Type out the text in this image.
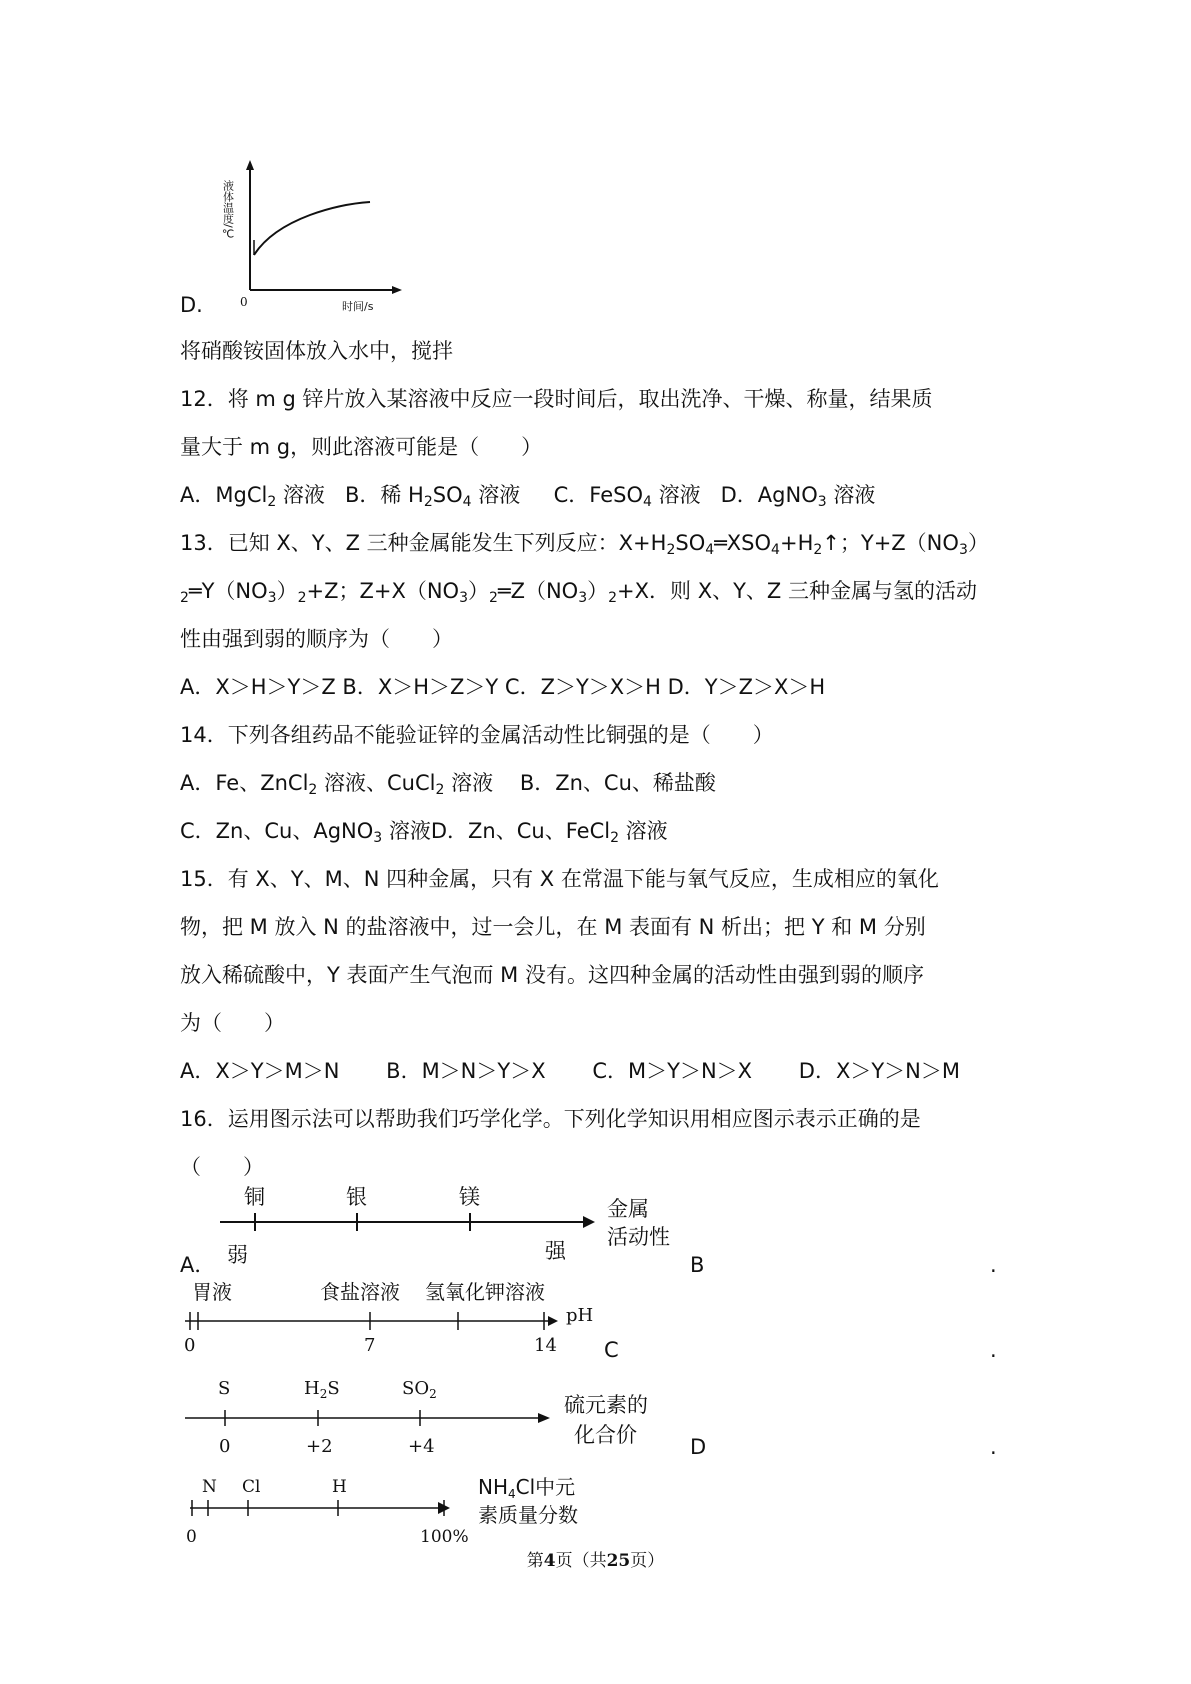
液体温度/℃
0	时间/s
D.
将硝酸铵固体放入水中，搅拌
12．将 m g 锌片放入某溶液中反应一段时间后，取出洗净、干燥、称量，结果质
量大于 m g，则此溶液可能是（　　）
A．MgCl$_2$ 溶液 B．稀 $H_2SO_4$ 溶液 C．FeSO$_4$ 溶液 D．AgNO$_3$ 溶液
13．已知 X、Y、Z 三种金属能发生下列反应：$X+H_2SO_4═XSO_4+H_2↑$；$Y+Z(NO_3)$
$_2═Y(NO_3)_2+Z$；$Z+X(NO_3)_2═Z(NO_3)_2+X$．则 X、Y、Z 三种金属与氢的活动
性由强到弱的顺序为（　　）
A．X＞H＞Y＞Z B．X＞H＞Z＞Y C．Z＞Y＞X＞H D．Y＞Z＞X＞H
14．下列各组药品不能验证锌的金属活动性比铜强的是（　　）
A．Fe、ZnCl$_2$ 溶液、CuCl$_2$ 溶液 B．Zn、Cu、稀盐酸
C．Zn、Cu、AgNO$_3$ 溶液D．Zn、Cu、FeCl$_2$ 溶液
15．有 X、Y、M、N 四种金属，只有 X 在常温下能与氧气反应，生成相应的氧化
物，把 M 放入 N 的盐溶液中，过一会儿，在 M 表面有 N 析出；把 Y 和 M 分别
放入稀硫酸中，Y 表面产生气泡而 M 没有。这四种金属的活动性由强到弱的顺序
为（　　）
A．X＞Y＞M＞N B．M＞N＞Y＞X C．M＞Y＞N＞X D．X＞Y＞N＞M
16．运用图示法可以帮助我们巧学化学。下列化学知识用相应图示表示正确的是
（　　）
A．
铜	银	镁
弱	强
金属
活动性
B	.
胃液	食盐溶液 氢氧化钾溶液
0	7	14
pH
C	.
S	$H_2S$	$SO_2$
0	+2	+4
硫元素的
化合价	D	.
N Cl	H
0	100%
$NH_4Cl$中元
素质量分数
第4页（共25页）
